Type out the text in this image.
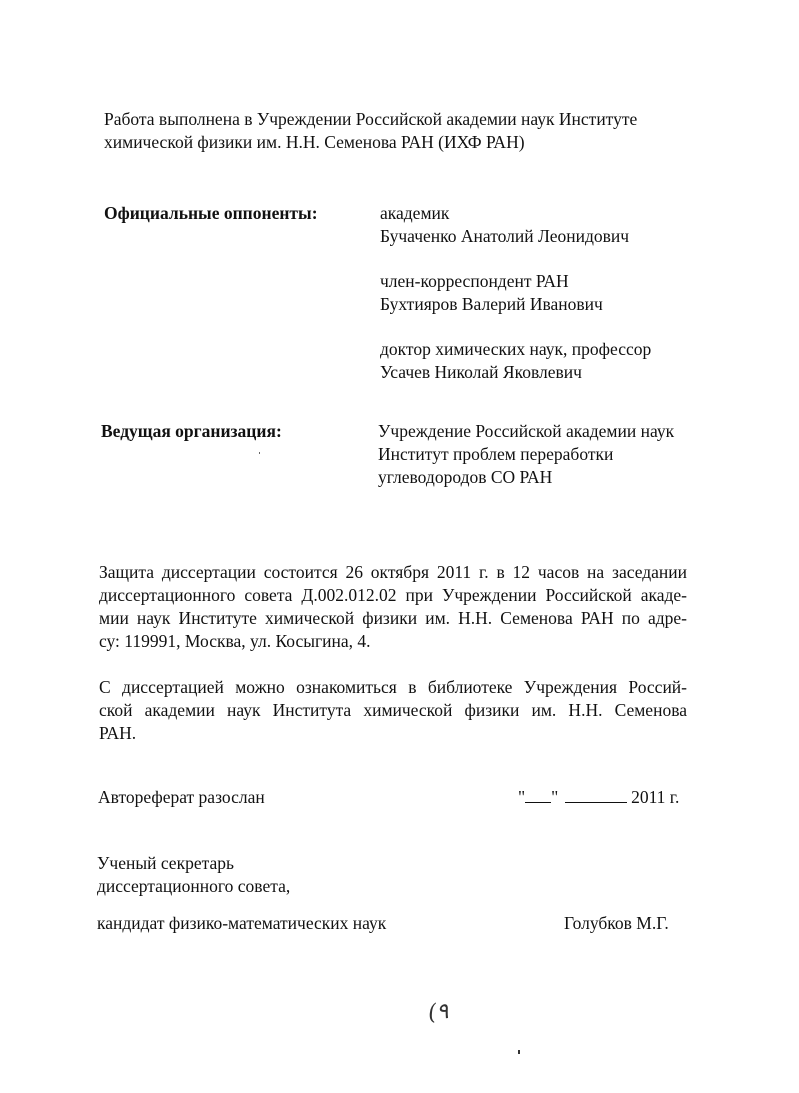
Работа выполнена в Учреждении Российской академии наук Институте
химической физики им. Н.Н. Семенова РАН (ИХФ РАН)
Официальные оппоненты:	академик
Бучаченко Анатолий Леонидович
член-корреспондент РАН
Бухтияров Валерий Иванович
доктор химических наук, профессор
Усачев Николай Яковлевич
Ведущая организация:	Учреждение Российской академии наук
Институт проблем переработки
углеводородов СО РАН
Защита диссертации состоится 26 октября 2011 г. в 12 часов на заседании
диссертационного совета Д.002.012.02 при Учреждении Российской акаде-
мии наук Институте химической физики им. Н.Н. Семенова РАН по адре-
су: 119991, Москва, ул. Косыгина, 4.
С диссертацией можно ознакомиться в библиотеке Учреждения Россий-
ской академии наук Института химической физики им. Н.Н. Семенова
РАН.
Автореферат разослан	" "	2011 г.
Ученый секретарь
диссертационного совета,
кандидат физико-математических наук	Голубков М.Г.
(۹
